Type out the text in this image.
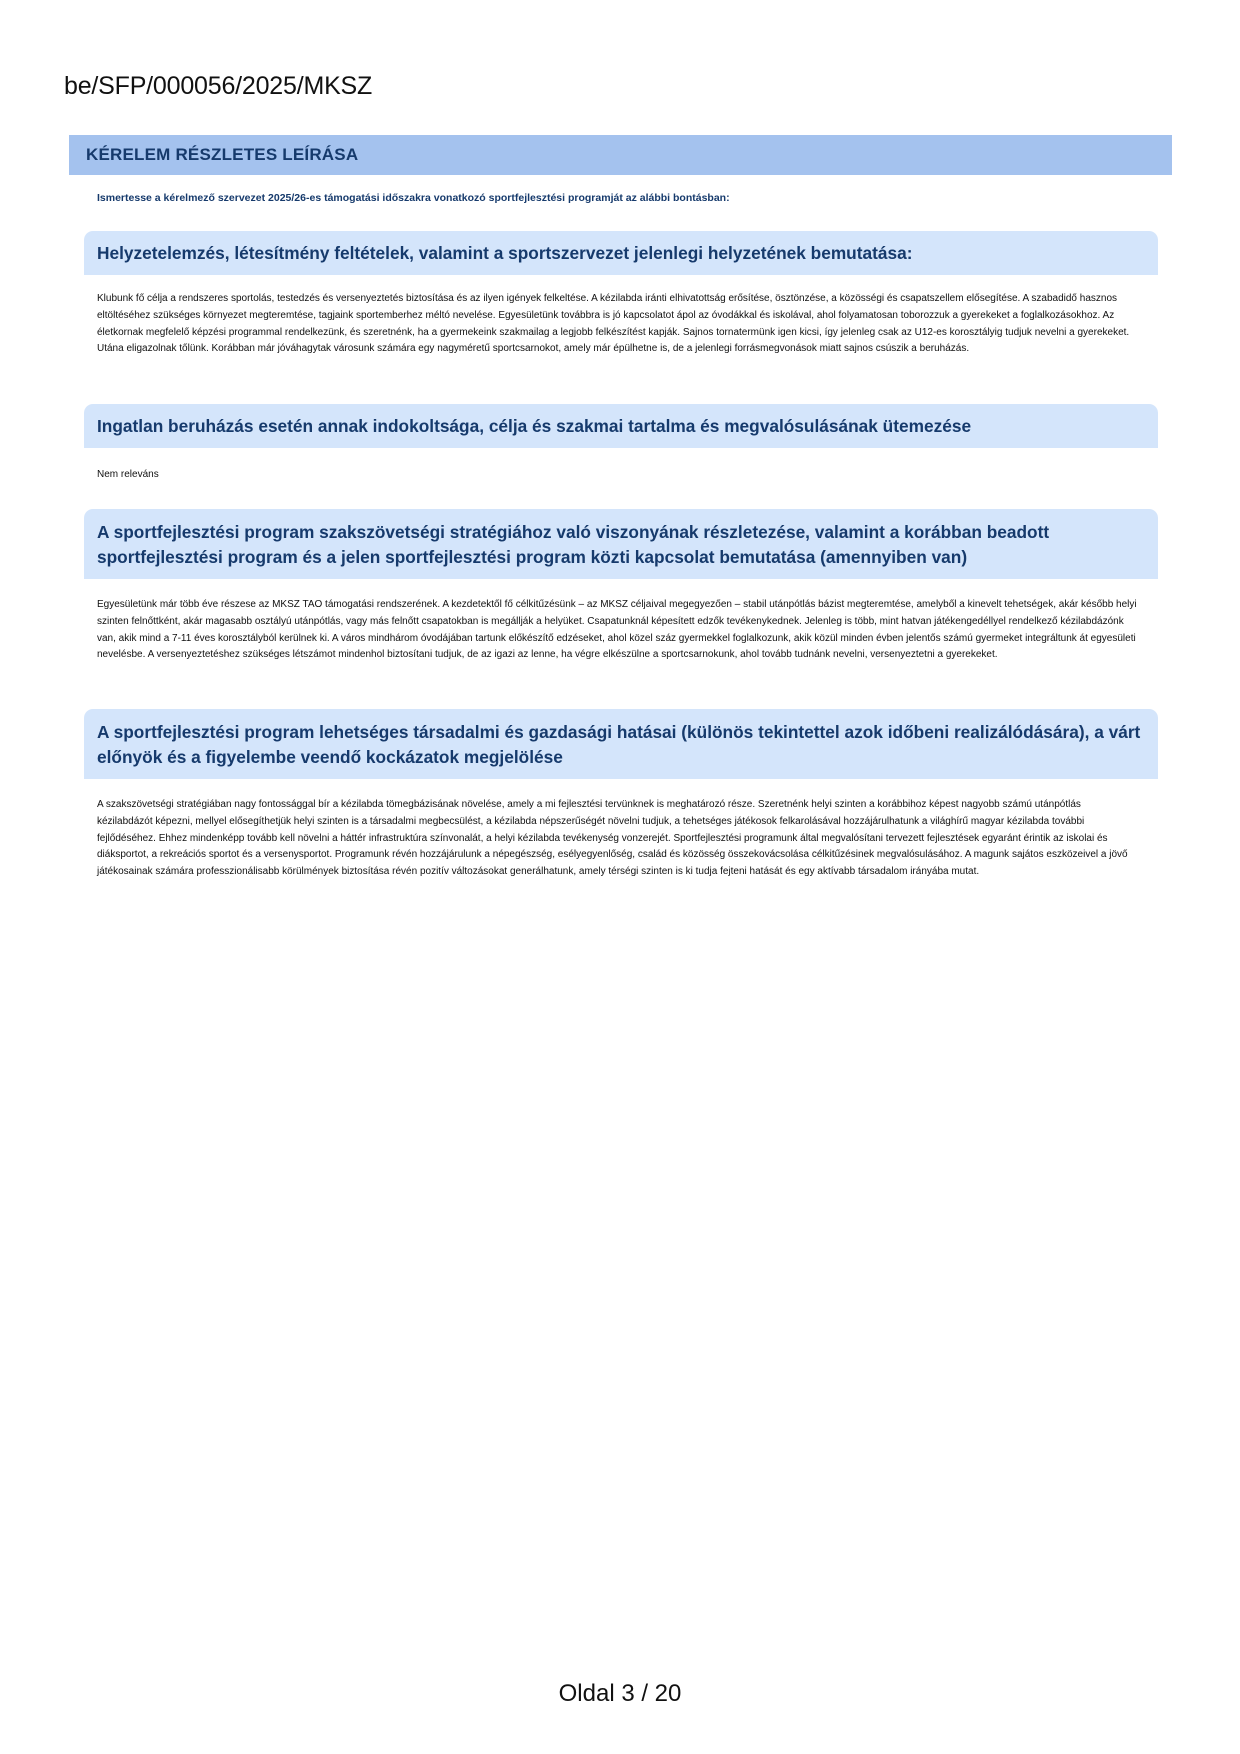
be/SFP/000056/2025/MKSZ
KÉRELEM RÉSZLETES LEÍRÁSA
Ismertesse a kérelmező szervezet 2025/26-es támogatási időszakra vonatkozó sportfejlesztési programját az alábbi bontásban:
Helyzetelemzés, létesítmény feltételek, valamint a sportszervezet jelenlegi helyzetének bemutatása:
Klubunk fő célja a rendszeres sportolás, testedzés és versenyeztetés biztosítása és az ilyen igények felkeltése. A kézilabda iránti elhivatottság erősítése, ösztönzése, a közösségi és csapatszellem elősegítése. A szabadidő hasznos eltöltéséhez szükséges környezet megteremtése, tagjaink sportemberhez méltó nevelése. Egyesületünk továbbra is jó kapcsolatot ápol az óvodákkal és iskolával, ahol folyamatosan toborozzuk a gyerekeket a foglalkozásokhoz. Az életkornak megfelelő képzési programmal rendelkezünk, és szeretnénk, ha a gyermekeink szakmailag a legjobb felkészítést kapják. Sajnos tornatermünk igen kicsi, így jelenleg csak az U12-es korosztályig tudjuk nevelni a gyerekeket. Utána eligazolnak tőlünk. Korábban már jóváhagytak városunk számára egy nagyméretű sportcsarnokot, amely már épülhetne is, de a jelenlegi forrásmegvonások miatt sajnos csúszik a beruházás.
Ingatlan beruházás esetén annak indokoltsága, célja és szakmai tartalma és megvalósulásának ütemezése
Nem releváns
A sportfejlesztési program szakszövetségi stratégiához való viszonyának részletezése, valamint a korábban beadott sportfejlesztési program és a jelen sportfejlesztési program közti kapcsolat bemutatása (amennyiben van)
Egyesületünk már több éve részese az MKSZ TAO támogatási rendszerének. A kezdetektől fő célkitűzésünk – az MKSZ céljaival megegyezően – stabil utánpótlás bázist megteremtése, amelyből a kinevelt tehetségek, akár később helyi szinten felnőttként, akár magasabb osztályú utánpótlás, vagy más felnőtt csapatokban is megállják a helyüket. Csapatunknál képesített edzők tevékenykednek. Jelenleg is több, mint hatvan játékengedéllyel rendelkező kézilabdázónk van, akik mind a 7-11 éves korosztályból kerülnek ki. A város mindhárom óvodájában tartunk előkészítő edzéseket, ahol közel száz gyermekkel foglalkozunk, akik közül minden évben jelentős számú gyermeket integráltunk át egyesületi nevelésbe. A versenyeztetéshez szükséges létszámot mindenhol biztosítani tudjuk, de az igazi az lenne, ha végre elkészülne a sportcsarnokunk, ahol tovább tudnánk nevelni, versenyeztetni a gyerekeket.
A sportfejlesztési program lehetséges társadalmi és gazdasági hatásai (különös tekintettel azok időbeni realizálódására), a várt előnyök és a figyelembe veendő kockázatok megjelölése
A szakszövetségi stratégiában nagy fontossággal bír a kézilabda tömegbázisának növelése, amely a mi fejlesztési tervünknek is meghatározó része. Szeretnénk helyi szinten a korábbihoz képest nagyobb számú utánpótlás kézilabdázót képezni, mellyel elősegíthetjük helyi szinten is a társadalmi megbecsülést, a kézilabda népszerűségét növelni tudjuk, a tehetséges játékosok felkarolásával hozzájárulhatunk a világhírű magyar kézilabda további fejlődéséhez. Ehhez mindenképp tovább kell növelni a háttér infrastruktúra színvonalát, a helyi kézilabda tevékenység vonzerejét. Sportfejlesztési programunk által megvalósítani tervezett fejlesztések egyaránt érintik az iskolai és diáksportot, a rekreációs sportot és a versenysportot. Programunk révén hozzájárulunk a népegészség, esélyegyenlőség, család és közösség összekovácsolása célkitűzésinek megvalósulásához. A magunk sajátos eszközeivel a jövő játékosainak számára professzionálisabb körülmények biztosítása révén pozitív változásokat generálhatunk, amely térségi szinten is ki tudja fejteni hatását és egy aktívabb társadalom irányába mutat.
Oldal 3 / 20
